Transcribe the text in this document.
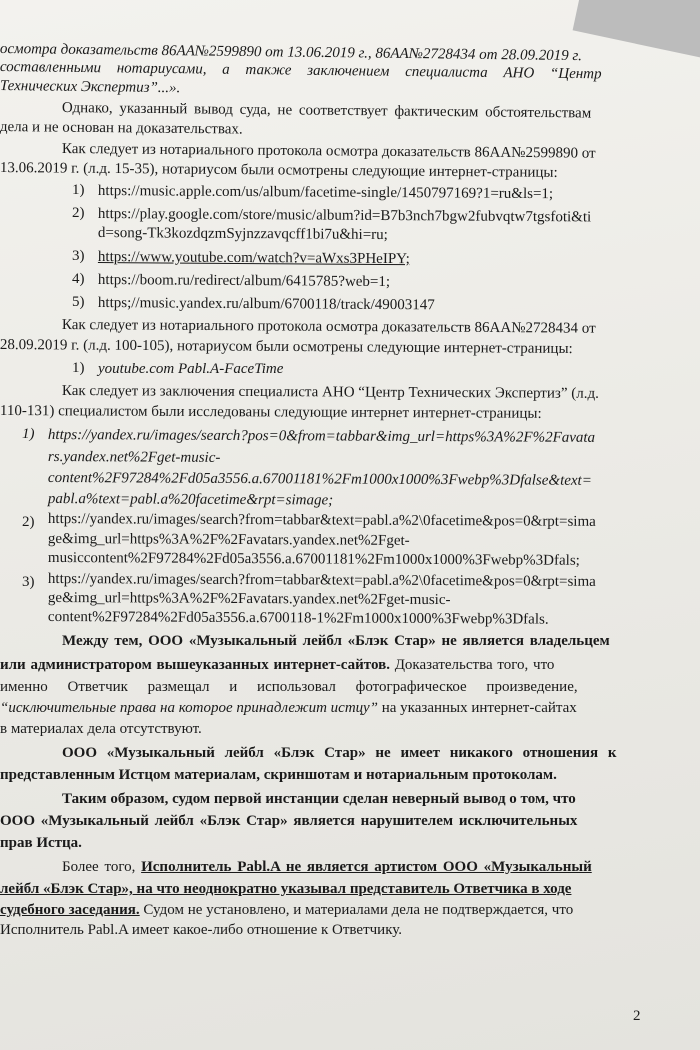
осмотра доказательств 86АА№2599890 от 13.06.2019 г., 86АА№2728434 от 28.09.2019 г.
составленными нотариусами, а также заключением специалиста АНО “Центр
Технических Экспертиз”...».
Однако, указанный вывод суда, не соответствует фактическим обстоятельствам
дела и не основан на доказательствах.
Как следует из нотариального протокола осмотра доказательств 86АА№2599890 от
13.06.2019 г. (л.д. 15-35), нотариусом были осмотрены следующие интернет-страницы:
1) https://music.apple.com/us/album/facetime-single/1450797169?1=ru&ls=1;
2) https://play.google.com/store/music/album?id=B7b3nch7bgw2fubvqtw7tgsfoti&ti
d=song-Tk3kozdqzmSyjnzzavqcff1bi7u&hi=ru;
3) https://www.youtube.com/watch?v=aWxs3PHeIPY;
4) https://boom.ru/redirect/album/6415785?web=1;
5) https;//music.yandex.ru/album/6700118/track/49003147
Как следует из нотариального протокола осмотра доказательств 86АА№2728434 от
28.09.2019 г. (л.д. 100-105), нотариусом были осмотрены следующие интернет-страницы:
1) youtube.com Pabl.A-FaceTime
Как следует из заключения специалиста АНО “Центр Технических Экспертиз” (л.д.
110-131) специалистом были исследованы следующие интернет интернет-страницы:
1) https://yandex.ru/images/search?pos=0&from=tabbar&img_url=https%3A%2F%2Favata
rs.yandex.net%2Fget-music-
content%2F97284%2Fd05a3556.a.67001181%2Fm1000x1000%3Fwebp%3Dfalse&text=
pabl.a%text=pabl.a%20facetime&rpt=simage;
2) https://yandex.ru/images/search?from=tabbar&text=pabl.a%2\0facetime&pos=0&rpt=sima
ge&img_url=https%3A%2F%2Favatars.yandex.net%2Fget-
musiccontent%2F97284%2Fd05a3556.a.67001181%2Fm1000x1000%3Fwebp%3Dfals;
3) https://yandex.ru/images/search?from=tabbar&text=pabl.a%2\0facetime&pos=0&rpt=sima
ge&img_url=https%3A%2F%2Favatars.yandex.net%2Fget-music-
content%2F97284%2Fd05a3556.a.6700118-1%2Fm1000x1000%3Fwebp%3Dfals.
Между тем, ООО «Музыкальный лейбл «Блэк Стар» не является владельцем
или администратором вышеуказанных интернет-сайтов. Доказательства того, что
именно Ответчик размещал и использовал фотографическое произведение,
“исключительные права на которое принадлежит истцу” на указанных интернет-сайтах
в материалах дела отсутствуют.
ООО «Музыкальный лейбл «Блэк Стар» не имеет никакого отношения к
представленным Истцом материалам, скриншотам и нотариальным протоколам.
Таким образом, судом первой инстанции сделан неверный вывод о том, что
ООО «Музыкальный лейбл «Блэк Стар» является нарушителем исключительных
прав Истца.
Более того, Исполнитель Pabl.A не является артистом ООО «Музыкальный
лейбл «Блэк Стар», на что неоднократно указывал представитель Ответчика в ходе
судебного заседания. Судом не установлено, и материалами дела не подтверждается, что
Исполнитель Pabl.A имеет какое-либо отношение к Ответчику.
2
